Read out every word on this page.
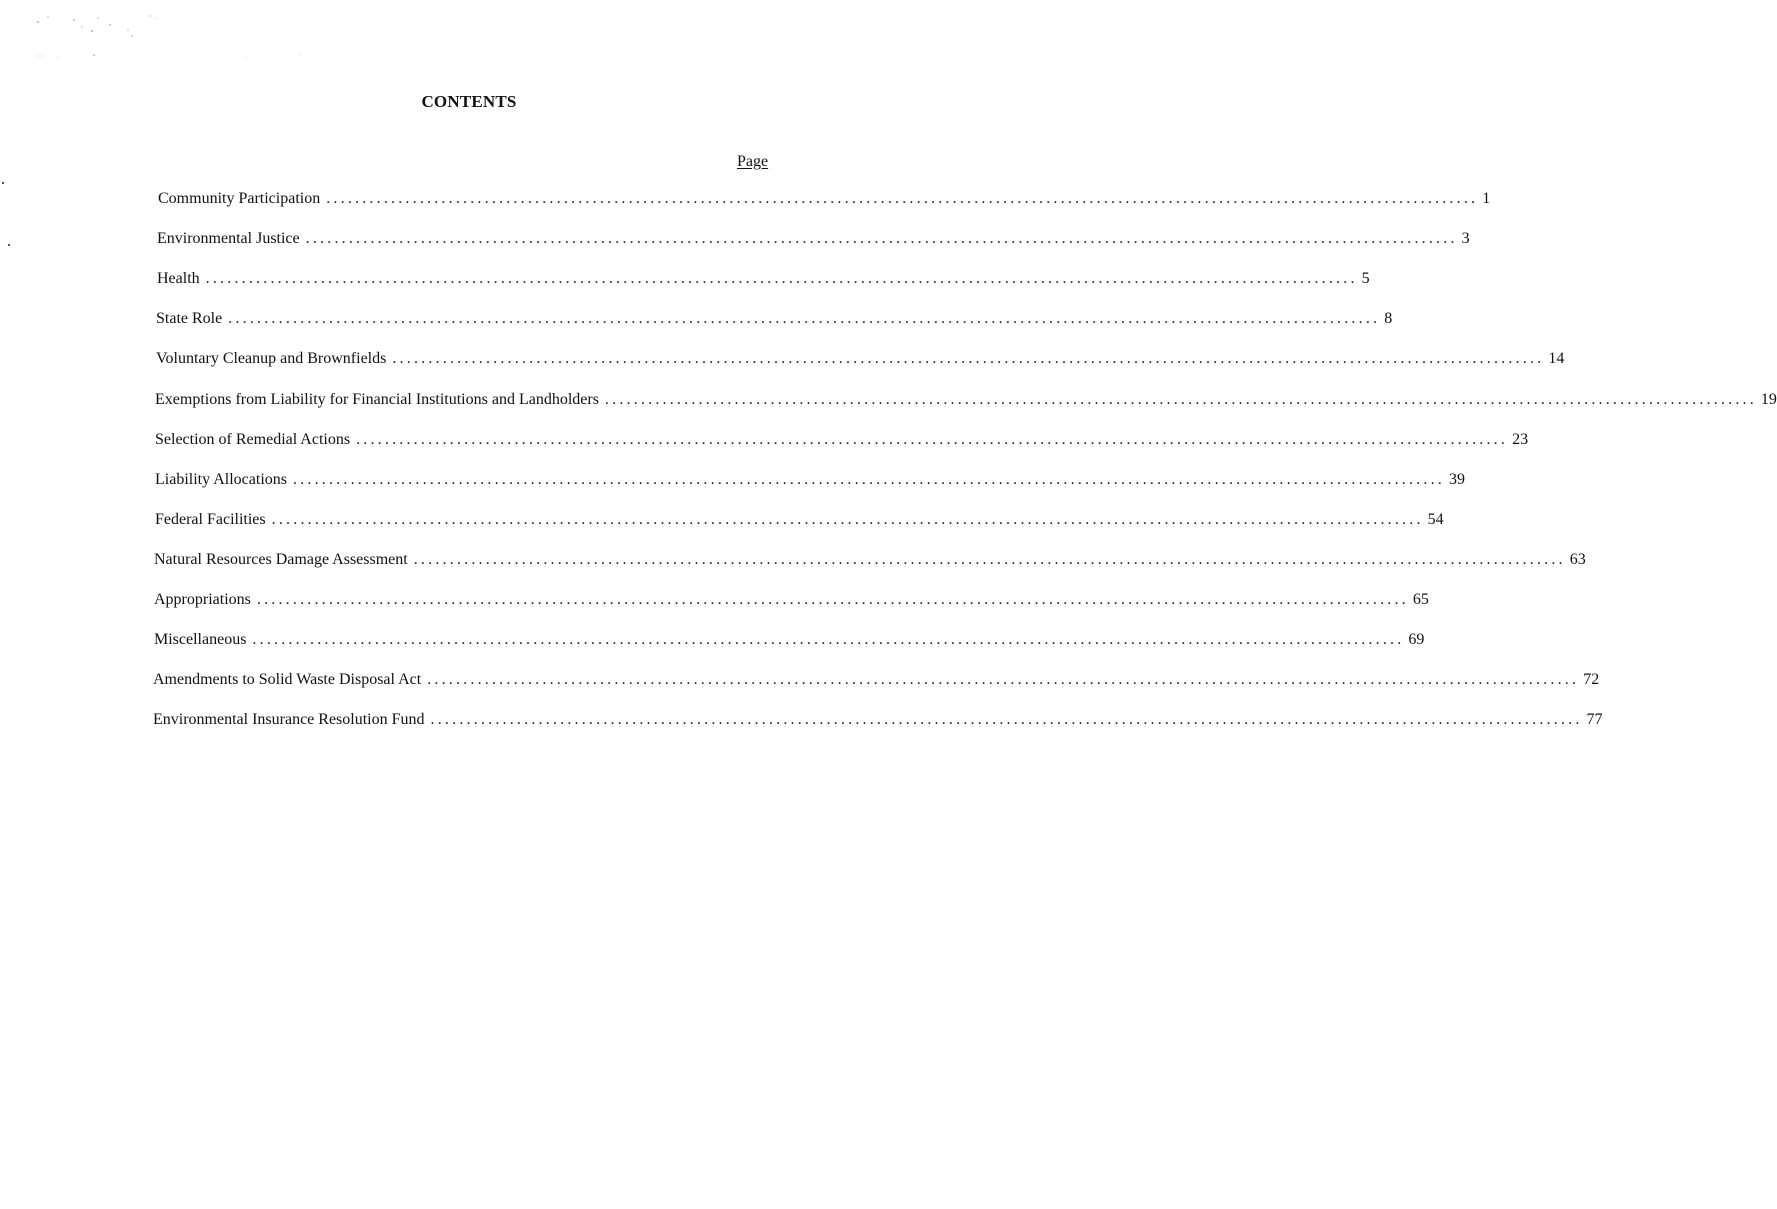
CONTENTS
Page
Community Participation ................................................................................................................................................................ 1
Environmental Justice ................................................................................................................................................................ 3
Health ................................................................................................................................................................ 5
State Role ................................................................................................................................................................ 8
Voluntary Cleanup and Brownfields ................................................................................................................................................................ 14
Exemptions from Liability for Financial Institutions and Landholders ................................................................................................................................................................ 19
Selection of Remedial Actions ................................................................................................................................................................ 23
Liability Allocations ................................................................................................................................................................ 39
Federal Facilities ................................................................................................................................................................ 54
Natural Resources Damage Assessment ................................................................................................................................................................ 63
Appropriations ................................................................................................................................................................ 65
Miscellaneous ................................................................................................................................................................ 69
Amendments to Solid Waste Disposal Act ................................................................................................................................................................ 72
Environmental Insurance Resolution Fund ................................................................................................................................................................ 77
